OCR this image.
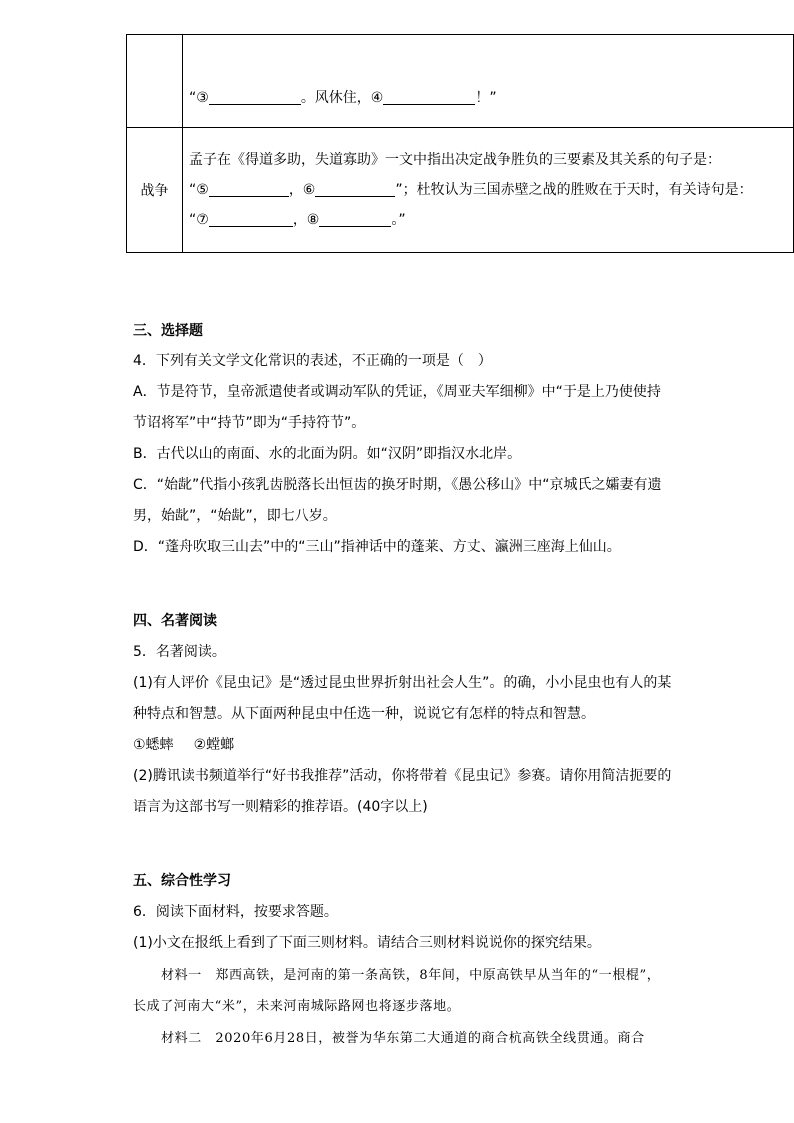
	“③ 。风休住，④ ！”

战争	孟子在《得道多助，失道寡助》一文中指出决定战争胜负的三要素及其关系的句子是：
“⑤ ，⑥ ”；杜牧认为三国赤壁之战的胜败在于天时，有关诗句是：
“⑦ ，⑧ 。”
三、选择题
4．下列有关文学文化常识的表述，不正确的一项是（　）
A．节是符节，皇帝派遣使者或调动军队的凭证，《周亚夫军细柳》中“于是上乃使使持
节诏将军”中“持节”即为“手持符节”。
B．古代以山的南面、水的北面为阴。如“汉阴”即指汉水北岸。
C．“始龀”代指小孩乳齿脱落长出恒齿的换牙时期，《愚公移山》中“京城氏之孀妻有遗
男，始龀”，“始龀”，即七八岁。
D．“蓬舟吹取三山去”中的“三山”指神话中的蓬莱、方丈、瀛洲三座海上仙山。
四、名著阅读
5．名著阅读。
(1)有人评价《昆虫记》是“透过昆虫世界折射出社会人生”。的确，小小昆虫也有人的某
种特点和智慧。从下面两种昆虫中任选一种，说说它有怎样的特点和智慧。
①蟋蟀 ②螳螂
(2)腾讯读书频道举行“好书我推荐”活动，你将带着《昆虫记》参赛。请你用简洁扼要的
语言为这部书写一则精彩的推荐语。(40字以上)
五、综合性学习
6．阅读下面材料，按要求答题。
(1)小文在报纸上看到了下面三则材料。请结合三则材料说说你的探究结果。
材料一　郑西高铁，是河南的第一条高铁，8年间，中原高铁早从当年的“一根棍”，
长成了河南大“米”，未来河南城际路网也将逐步落地。
材料二　2020年6月28日，被誉为华东第二大通道的商合杭高铁全线贯通。商合
